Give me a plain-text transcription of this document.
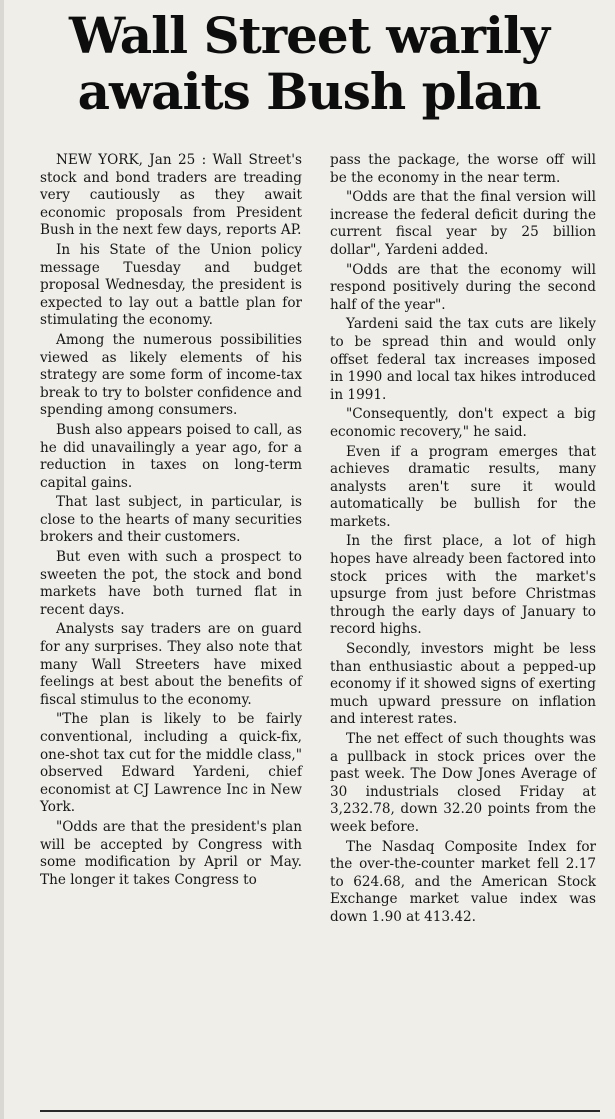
Wall Street warily
awaits Bush plan

NEW YORK, Jan 25 : Wall Street's stock and bond traders are treading very cautiously as they await economic proposals from President Bush in the next few days, reports AP.

In his State of the Union policy message Tuesday and budget proposal Wednesday, the president is expected to lay out a battle plan for stimulating the economy.

Among the numerous possibilities viewed as likely elements of his strategy are some form of income-tax break to try to bolster confidence and spending among consumers.

Bush also appears poised to call, as he did unavailingly a year ago, for a reduction in taxes on long-term capital gains.

That last subject, in particular, is close to the hearts of many securities brokers and their customers.

But even with such a prospect to sweeten the pot, the stock and bond markets have both turned flat in recent days.

Analysts say traders are on guard for any surprises. They also note that many Wall Streeters have mixed feelings at best about the benefits of fiscal stimulus to the economy.

"The plan is likely to be fairly conventional, including a quick-fix, one-shot tax cut for the middle class," observed Edward Yardeni, chief economist at CJ Lawrence Inc in New York.

"Odds are that the president's plan will be accepted by Congress with some modification by April or May. The longer it takes Congress to

pass the package, the worse off will be the economy in the near term.

"Odds are that the final version will increase the federal deficit during the current fiscal year by 25 billion dollar", Yardeni added.

"Odds are that the economy will respond positively during the second half of the year".

Yardeni said the tax cuts are likely to be spread thin and would only offset federal tax increases imposed in 1990 and local tax hikes introduced in 1991.

"Consequently, don't expect a big economic recovery," he said.

Even if a program emerges that achieves dramatic results, many analysts aren't sure it would automatically be bullish for the markets.

In the first place, a lot of high hopes have already been factored into stock prices with the market's upsurge from just before Christmas through the early days of January to record highs.

Secondly, investors might be less than enthusiastic about a pepped-up economy if it showed signs of exerting much upward pressure on inflation and interest rates.

The net effect of such thoughts was a pullback in stock prices over the past week. The Dow Jones Average of 30 industrials closed Friday at 3,232.78, down 32.20 points from the week before.

The Nasdaq Composite Index for the over-the-counter market fell 2.17 to 624.68, and the American Stock Exchange market value index was down 1.90 at 413.42.
